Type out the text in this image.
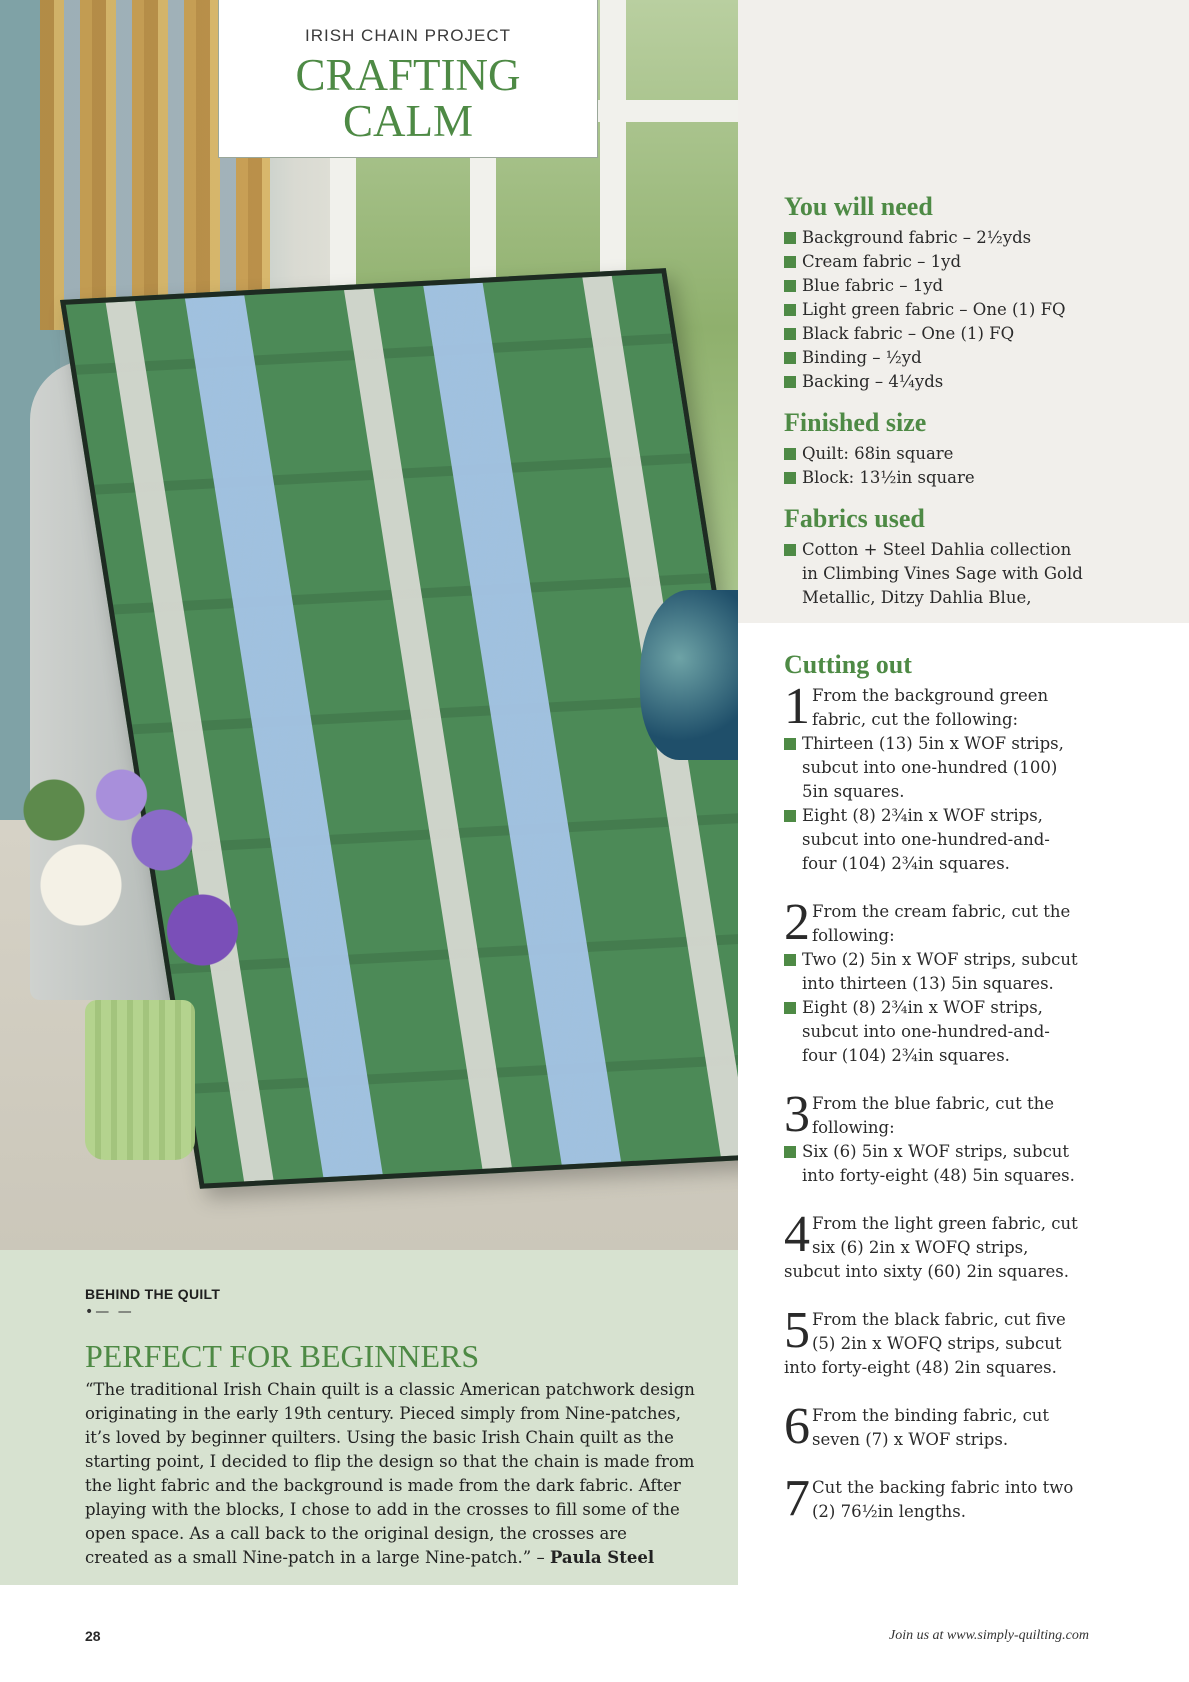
IRISH CHAIN PROJECT
CRAFTING
CALM
You will need
Background fabric – 2½yds
Cream fabric – 1yd
Blue fabric – 1yd
Light green fabric – One (1) FQ
Black fabric – One (1) FQ
Binding – ½yd
Backing – 4¼yds
Finished size
Quilt: 68in square
Block: 13½in square
Fabrics used
Cotton + Steel Dahlia collection in Climbing Vines Sage with Gold Metallic, Ditzy Dahlia Blue,
Cutting out
1 From the background green fabric, cut the following:
Thirteen (13) 5in x WOF strips, subcut into one-hundred (100) 5in squares.
Eight (8) 2¾in x WOF strips, subcut into one-hundred-and-four (104) 2¾in squares.
2 From the cream fabric, cut the following:
Two (2) 5in x WOF strips, subcut into thirteen (13) 5in squares.
Eight (8) 2¾in x WOF strips, subcut into one-hundred-and-four (104) 2¾in squares.
3 From the blue fabric, cut the following:
Six (6) 5in x WOF strips, subcut into forty-eight (48) 5in squares.
4 From the light green fabric, cut six (6) 2in x WOFQ strips, subcut into sixty (60) 2in squares.
5 From the black fabric, cut five (5) 2in x WOFQ strips, subcut into forty-eight (48) 2in squares.
6 From the binding fabric, cut seven (7) x WOF strips.
7 Cut the backing fabric into two (2) 76½in lengths.
BEHIND THE QUILT
•— —
PERFECT FOR BEGINNERS
“The traditional Irish Chain quilt is a classic American patchwork design originating in the early 19th century. Pieced simply from Nine-patches, it’s loved by beginner quilters. Using the basic Irish Chain quilt as the starting point, I decided to flip the design so that the chain is made from the light fabric and the background is made from the dark fabric. After playing with the blocks, I chose to add in the crosses to fill some of the open space. As a call back to the original design, the crosses are created as a small Nine-patch in a large Nine-patch.” – Paula Steel
28	Join us at www.simply-quilting.com
